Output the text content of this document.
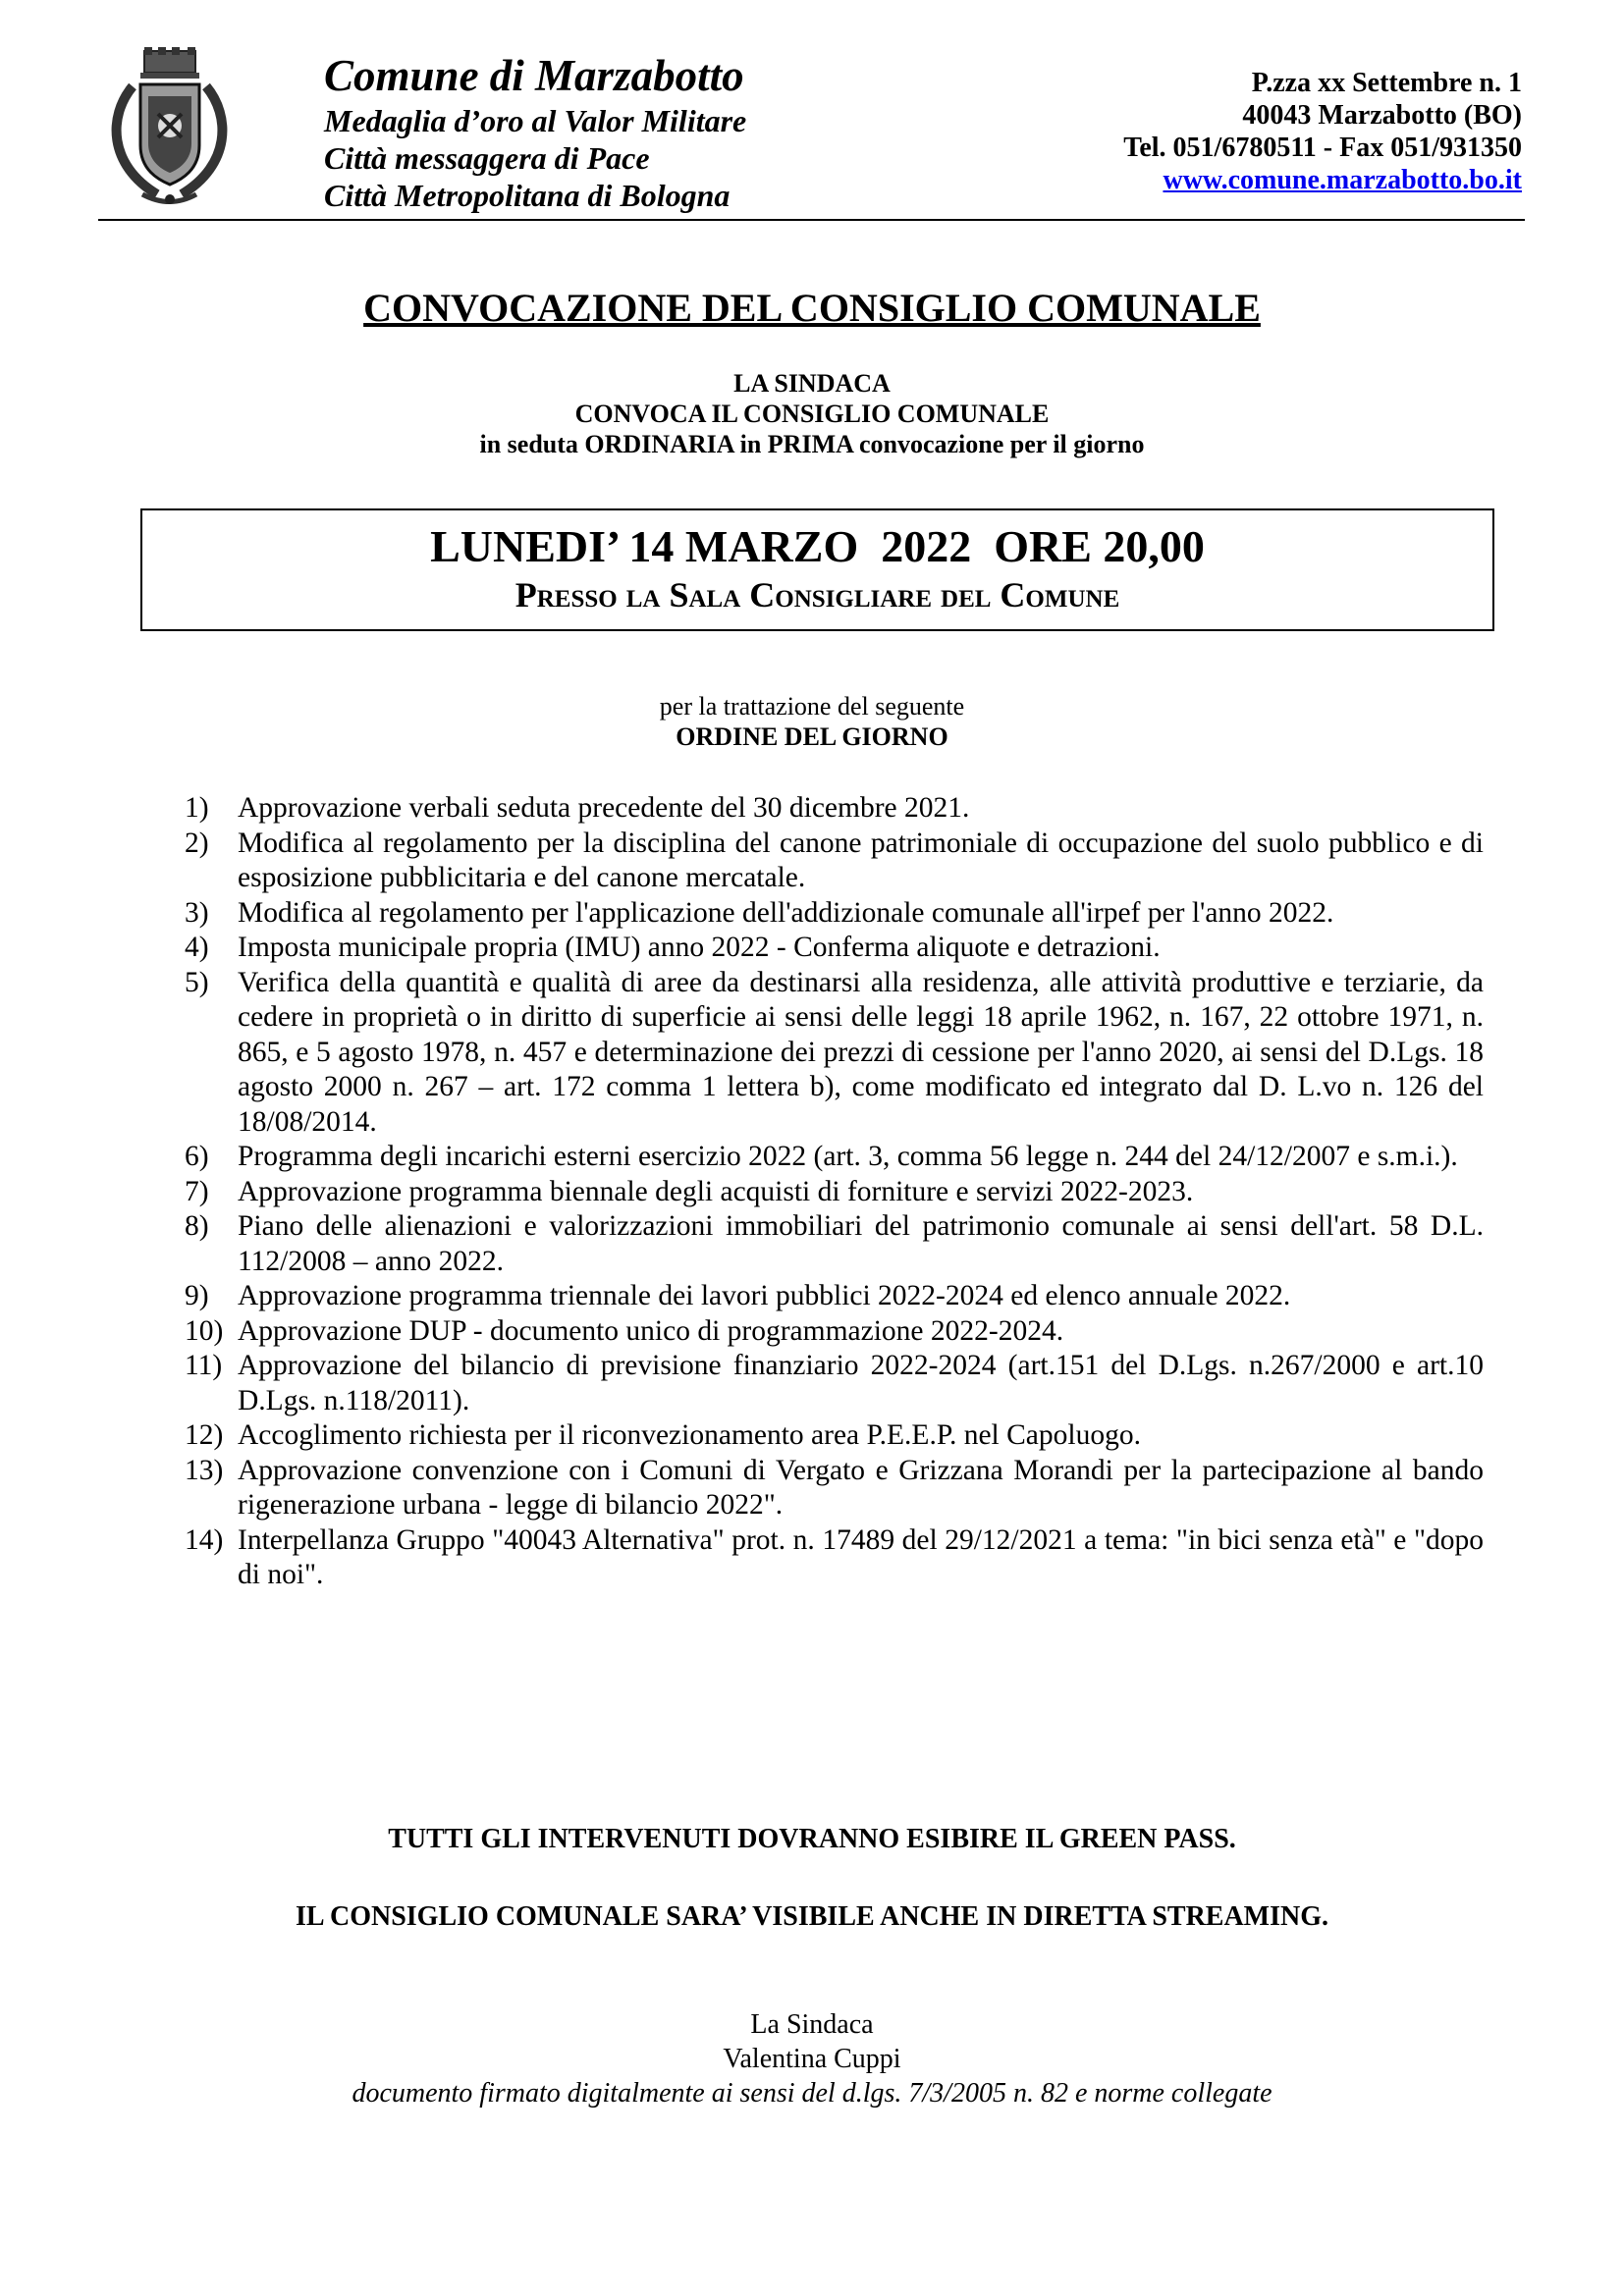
Comune di Marzabotto
Medaglia d’oro al Valor Militare
Città messaggera di Pace
Città Metropolitana di Bologna
P.zza xx Settembre n. 1
40043 Marzabotto (BO)
Tel. 051/6780511 - Fax 051/931350
www.comune.marzabotto.bo.it
CONVOCAZIONE DEL CONSIGLIO COMUNALE
LA SINDACA
CONVOCA IL CONSIGLIO COMUNALE
in seduta ORDINARIA in PRIMA convocazione per il giorno
LUNEDI’ 14 MARZO  2022  ORE 20,00
Presso la Sala Consigliare del Comune
per la trattazione del seguente
ORDINE DEL GIORNO
1) Approvazione verbali seduta precedente del 30 dicembre 2021.
2) Modifica al regolamento per la disciplina del canone patrimoniale di occupazione del suolo pubblico e di esposizione pubblicitaria e del canone mercatale.
3) Modifica al regolamento per l'applicazione dell'addizionale comunale all'irpef per l'anno 2022.
4) Imposta municipale propria (IMU) anno 2022 - Conferma aliquote e detrazioni.
5) Verifica della quantità e qualità di aree da destinarsi alla residenza, alle attività produttive e terziarie, da cedere in proprietà o in diritto di superficie ai sensi delle leggi 18 aprile 1962, n. 167, 22 ottobre 1971, n. 865, e 5 agosto 1978, n. 457 e determinazione dei prezzi di cessione per l'anno 2020, ai sensi del D.Lgs. 18 agosto 2000 n. 267 – art. 172 comma 1 lettera b), come modificato ed integrato dal D. L.vo n. 126 del 18/08/2014.
6) Programma degli incarichi esterni esercizio 2022 (art. 3, comma 56 legge n. 244 del 24/12/2007 e s.m.i.).
7) Approvazione programma biennale degli acquisti di forniture e servizi 2022-2023.
8) Piano delle alienazioni e valorizzazioni immobiliari del patrimonio comunale ai sensi dell'art. 58 D.L. 112/2008 – anno 2022.
9) Approvazione programma triennale dei lavori pubblici 2022-2024 ed elenco annuale 2022.
10) Approvazione DUP - documento unico di programmazione 2022-2024.
11) Approvazione del bilancio di previsione finanziario 2022-2024 (art.151 del D.Lgs. n.267/2000 e art.10 D.Lgs. n.118/2011).
12) Accoglimento richiesta per il riconvezionamento area P.E.E.P. nel Capoluogo.
13) Approvazione convenzione con i Comuni di Vergato e Grizzana Morandi per la partecipazione al bando rigenerazione urbana - legge di bilancio 2022".
14) Interpellanza Gruppo "40043 Alternativa" prot. n. 17489 del 29/12/2021 a tema: "in bici senza età" e "dopo di noi".
TUTTI GLI INTERVENUTI DOVRANNO ESIBIRE IL GREEN PASS.
IL CONSIGLIO COMUNALE SARA’ VISIBILE ANCHE IN DIRETTA STREAMING.
La Sindaca
Valentina Cuppi
documento firmato digitalmente ai sensi del d.lgs. 7/3/2005 n. 82 e norme collegate
